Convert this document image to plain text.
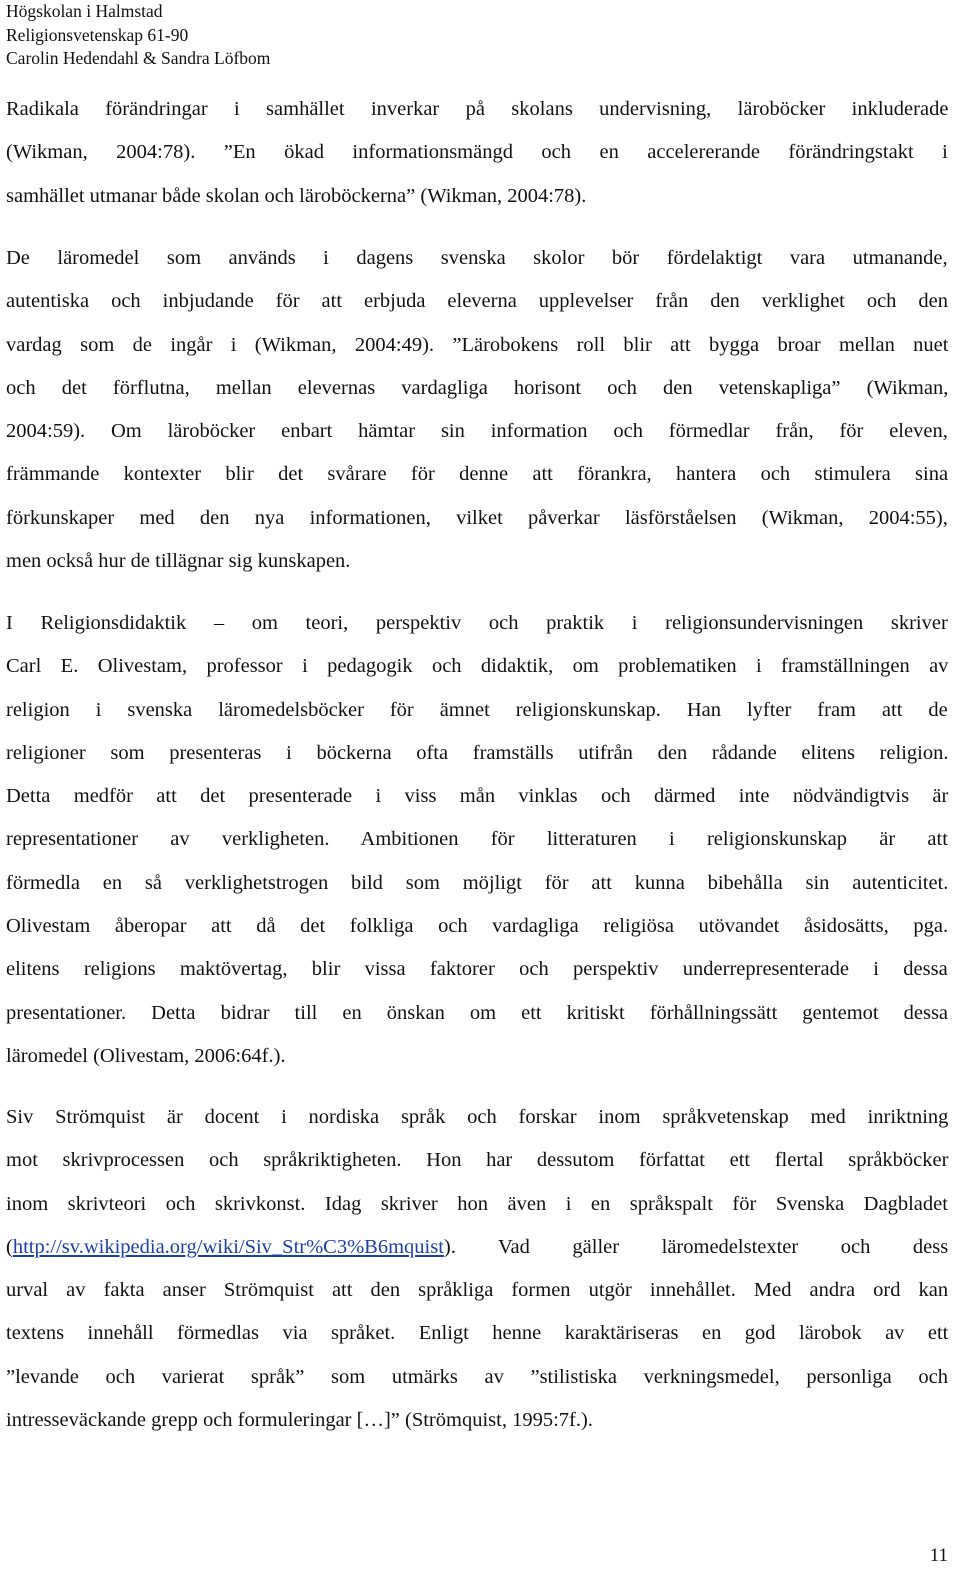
Högskolan i Halmstad
Religionsvetenskap 61-90
Carolin Hedendahl & Sandra Löfbom
Radikala förändringar i samhället inverkar på skolans undervisning, läroböcker inkluderade
(Wikman, 2004:78). ”En ökad informationsmängd och en accelererande förändringstakt i
samhället utmanar både skolan och läroböckerna” (Wikman, 2004:78).
De läromedel som används i dagens svenska skolor bör fördelaktigt vara utmanande,
autentiska och inbjudande för att erbjuda eleverna upplevelser från den verklighet och den
vardag som de ingår i (Wikman, 2004:49). ”Lärobokens roll blir att bygga broar mellan nuet
och det förflutna, mellan elevernas vardagliga horisont och den vetenskapliga” (Wikman,
2004:59). Om läroböcker enbart hämtar sin information och förmedlar från, för eleven,
främmande kontexter blir det svårare för denne att förankra, hantera och stimulera sina
förkunskaper med den nya informationen, vilket påverkar läsförståelsen (Wikman, 2004:55),
men också hur de tillägnar sig kunskapen.
I Religionsdidaktik – om teori, perspektiv och praktik i religionsundervisningen skriver
Carl E. Olivestam, professor i pedagogik och didaktik, om problematiken i framställningen av
religion i svenska läromedelsböcker för ämnet religionskunskap. Han lyfter fram att de
religioner som presenteras i böckerna ofta framställs utifrån den rådande elitens religion.
Detta medför att det presenterade i viss mån vinklas och därmed inte nödvändigtvis är
representationer av verkligheten. Ambitionen för litteraturen i religionskunskap är att
förmedla en så verklighetstrogen bild som möjligt för att kunna bibehålla sin autenticitet.
Olivestam åberopar att då det folkliga och vardagliga religiösa utövandet åsidosätts, pga.
elitens religions maktövertag, blir vissa faktorer och perspektiv underrepresenterade i dessa
presentationer. Detta bidrar till en önskan om ett kritiskt förhållningssätt gentemot dessa
läromedel (Olivestam, 2006:64f.).
Siv Strömquist är docent i nordiska språk och forskar inom språkvetenskap med inriktning
mot skrivprocessen och språkriktigheten. Hon har dessutom författat ett flertal språkböcker
inom skrivteori och skrivkonst. Idag skriver hon även i en språkspalt för Svenska Dagbladet
(http://sv.wikipedia.org/wiki/Siv_Str%C3%B6mquist). Vad gäller läromedelstexter och dess
urval av fakta anser Strömquist att den språkliga formen utgör innehållet. Med andra ord kan
textens innehåll förmedlas via språket. Enligt henne karaktäriseras en god lärobok av ett
”levande och varierat språk” som utmärks av ”stilistiska verkningsmedel, personliga och
intresseväckande grepp och formuleringar […]” (Strömquist, 1995:7f.).
11
